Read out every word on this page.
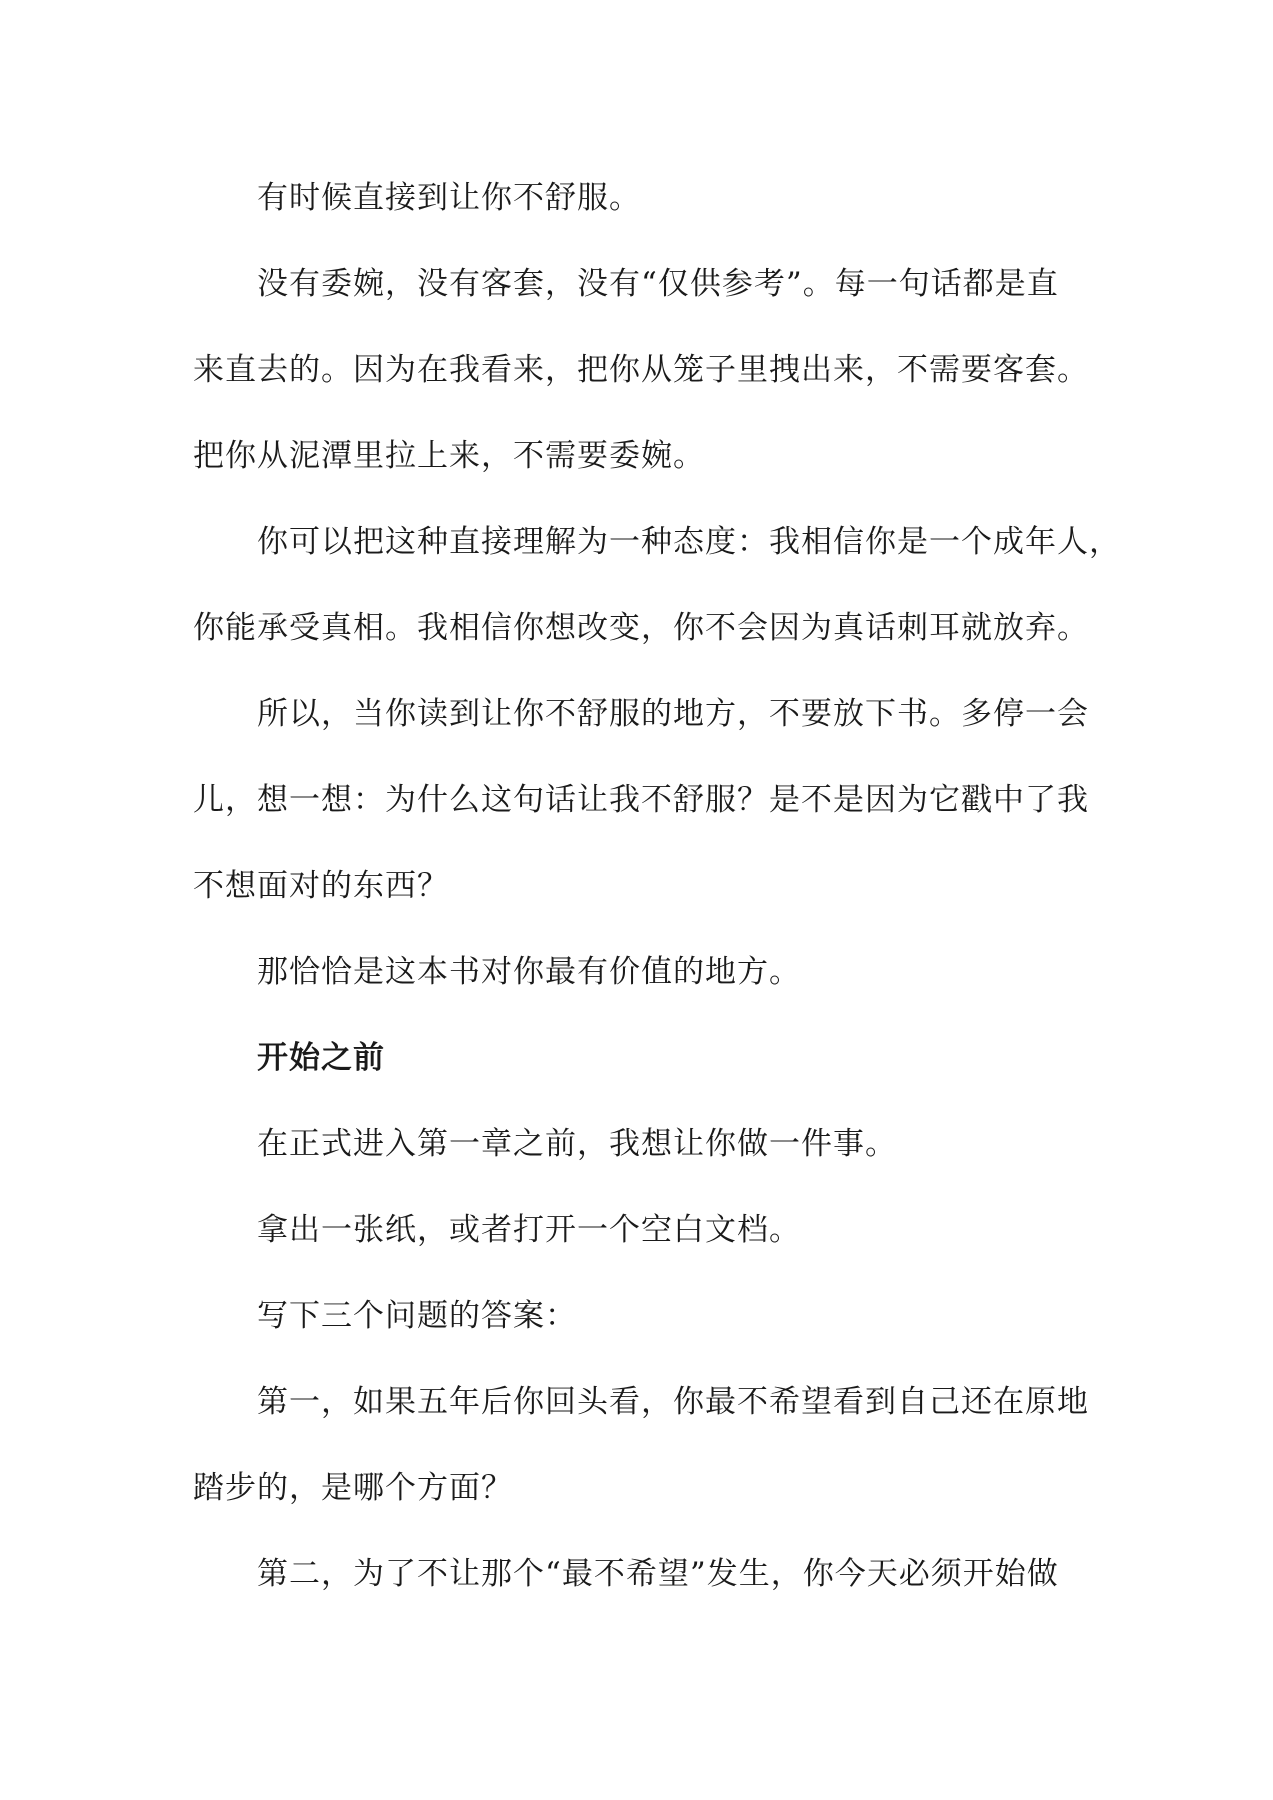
有时候直接到让你不舒服。
没有委婉，没有客套，没有“仅供参考”。每一句话都是直
来直去的。因为在我看来，把你从笼子里拽出来，不需要客套。
把你从泥潭里拉上来，不需要委婉。
你可以把这种直接理解为一种态度：我相信你是一个成年人，
你能承受真相。我相信你想改变，你不会因为真话刺耳就放弃。
所以，当你读到让你不舒服的地方，不要放下书。多停一会
儿，想一想：为什么这句话让我不舒服？是不是因为它戳中了我
不想面对的东西？
那恰恰是这本书对你最有价值的地方。
开始之前
在正式进入第一章之前，我想让你做一件事。
拿出一张纸，或者打开一个空白文档。
写下三个问题的答案：
第一，如果五年后你回头看，你最不希望看到自己还在原地
踏步的，是哪个方面？
第二，为了不让那个“最不希望”发生，你今天必须开始做
